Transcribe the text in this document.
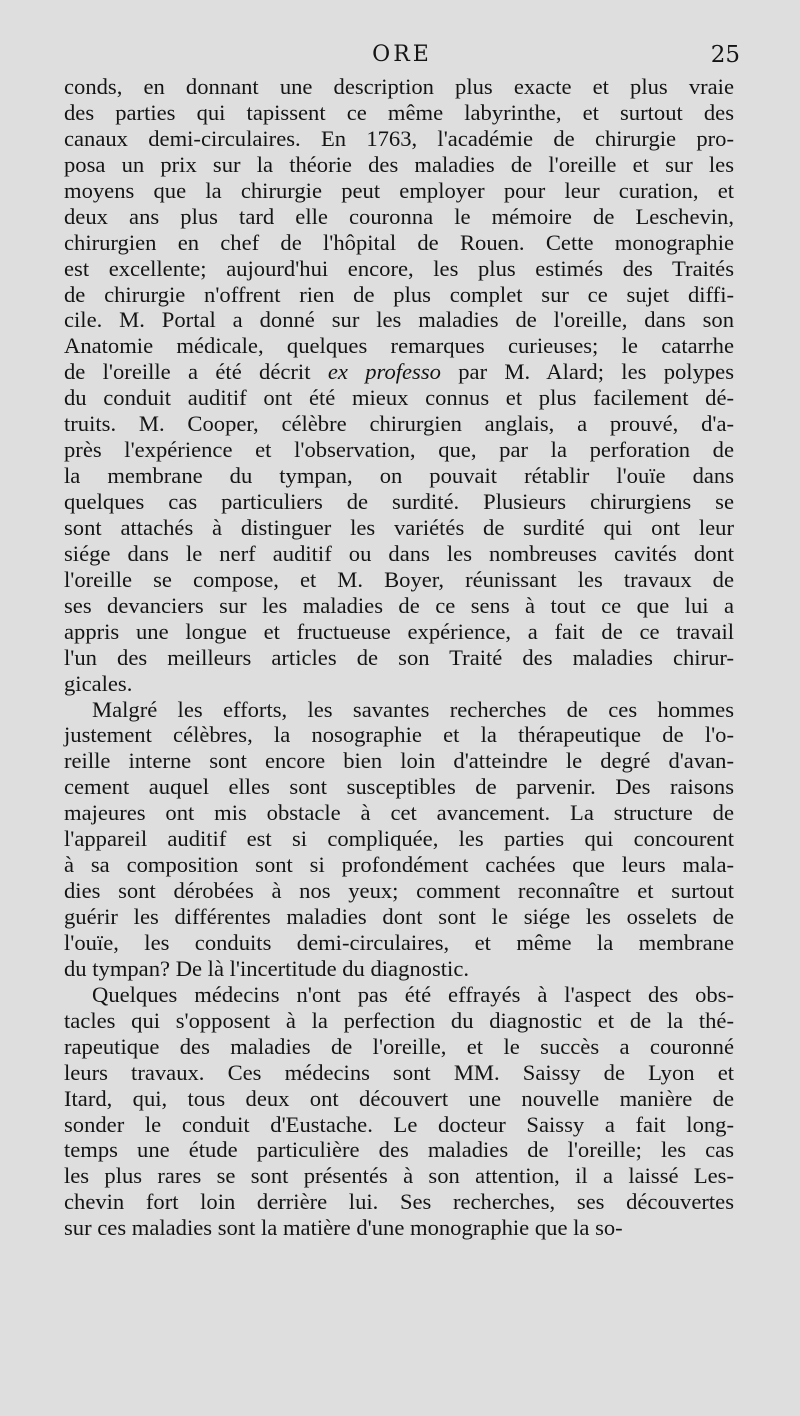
ORE	25
conds, en donnant une description plus exacte et plus vraie
des parties qui tapissent ce même labyrinthe, et surtout des
canaux demi-circulaires. En 1763, l'académie de chirurgie pro-
posa un prix sur la théorie des maladies de l'oreille et sur les
moyens que la chirurgie peut employer pour leur curation, et
deux ans plus tard elle couronna le mémoire de Leschevin,
chirurgien en chef de l'hôpital de Rouen. Cette monographie
est excellente; aujourd'hui encore, les plus estimés des Traités
de chirurgie n'offrent rien de plus complet sur ce sujet diffi-
cile. M. Portal a donné sur les maladies de l'oreille, dans son
Anatomie médicale, quelques remarques curieuses; le catarrhe
de l'oreille a été décrit ex professo par M. Alard; les polypes
du conduit auditif ont été mieux connus et plus facilement dé-
truits. M. Cooper, célèbre chirurgien anglais, a prouvé, d'a-
près l'expérience et l'observation, que, par la perforation de
la membrane du tympan, on pouvait rétablir l'ouïe dans
quelques cas particuliers de surdité. Plusieurs chirurgiens se
sont attachés à distinguer les variétés de surdité qui ont leur
siége dans le nerf auditif ou dans les nombreuses cavités dont
l'oreille se compose, et M. Boyer, réunissant les travaux de
ses devanciers sur les maladies de ce sens à tout ce que lui a
appris une longue et fructueuse expérience, a fait de ce travail
l'un des meilleurs articles de son Traité des maladies chirur-
gicales.
Malgré les efforts, les savantes recherches de ces hommes
justement célèbres, la nosographie et la thérapeutique de l'o-
reille interne sont encore bien loin d'atteindre le degré d'avan-
cement auquel elles sont susceptibles de parvenir. Des raisons
majeures ont mis obstacle à cet avancement. La structure de
l'appareil auditif est si compliquée, les parties qui concourent
à sa composition sont si profondément cachées que leurs mala-
dies sont dérobées à nos yeux; comment reconnaître et surtout
guérir les différentes maladies dont sont le siége les osselets de
l'ouïe, les conduits demi-circulaires, et même la membrane
du tympan? De là l'incertitude du diagnostic.
Quelques médecins n'ont pas été effrayés à l'aspect des obs-
tacles qui s'opposent à la perfection du diagnostic et de la thé-
rapeutique des maladies de l'oreille, et le succès a couronné
leurs travaux. Ces médecins sont MM. Saissy de Lyon et
Itard, qui, tous deux ont découvert une nouvelle manière de
sonder le conduit d'Eustache. Le docteur Saissy a fait long-
temps une étude particulière des maladies de l'oreille; les cas
les plus rares se sont présentés à son attention, il a laissé Les-
chevin fort loin derrière lui. Ses recherches, ses découvertes
sur ces maladies sont la matière d'une monographie que la so-
